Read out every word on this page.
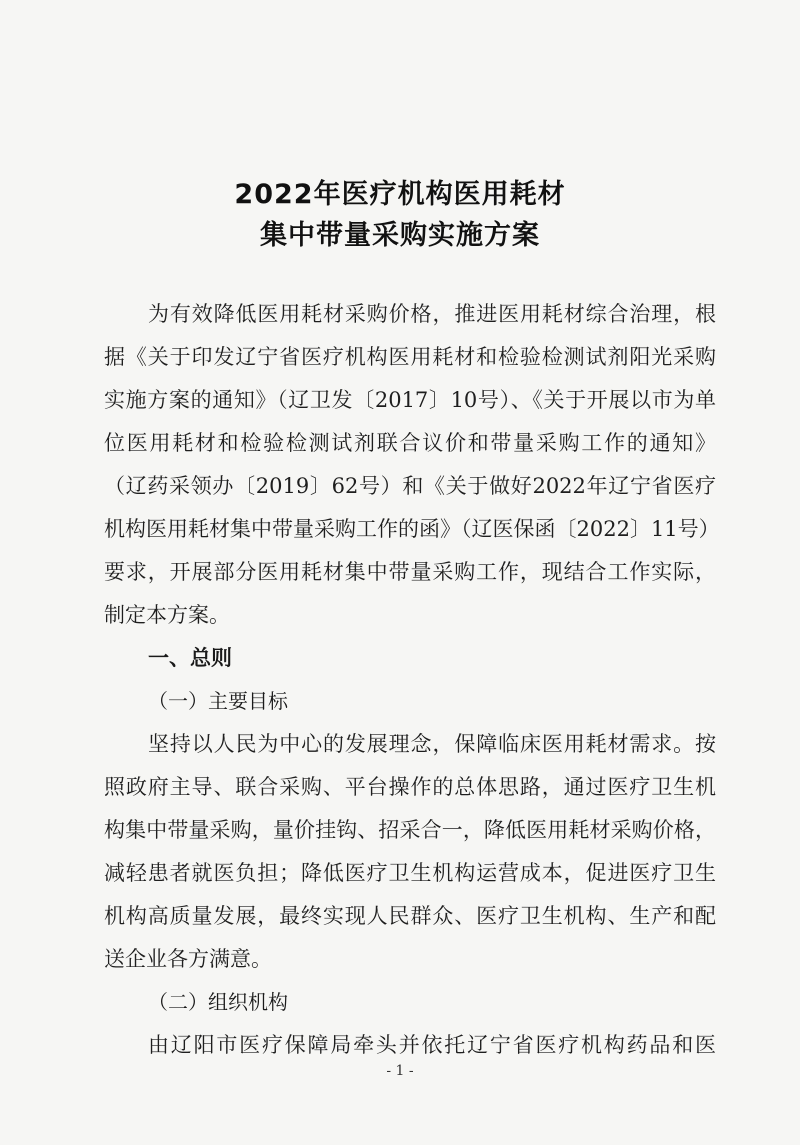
2022年医疗机构医用耗材
集中带量采购实施方案
为有效降低医用耗材采购价格，推进医用耗材综合治理，根
据《关于印发辽宁省医疗机构医用耗材和检验检测试剂阳光采购
实施方案的通知》（辽卫发〔2017〕10号）、《关于开展以市为单
位医用耗材和检验检测试剂联合议价和带量采购工作的通知》
（辽药采领办〔2019〕62号）和《关于做好2022年辽宁省医疗
机构医用耗材集中带量采购工作的函》（辽医保函〔2022〕11号）
要求，开展部分医用耗材集中带量采购工作，现结合工作实际，
制定本方案。
一、总则
（一）主要目标
坚持以人民为中心的发展理念，保障临床医用耗材需求。按
照政府主导、联合采购、平台操作的总体思路，通过医疗卫生机
构集中带量采购，量价挂钩、招采合一，降低医用耗材采购价格，
减轻患者就医负担；降低医疗卫生机构运营成本，促进医疗卫生
机构高质量发展，最终实现人民群众、医疗卫生机构、生产和配
送企业各方满意。
（二）组织机构
由辽阳市医疗保障局牵头并依托辽宁省医疗机构药品和医
- 1 -
